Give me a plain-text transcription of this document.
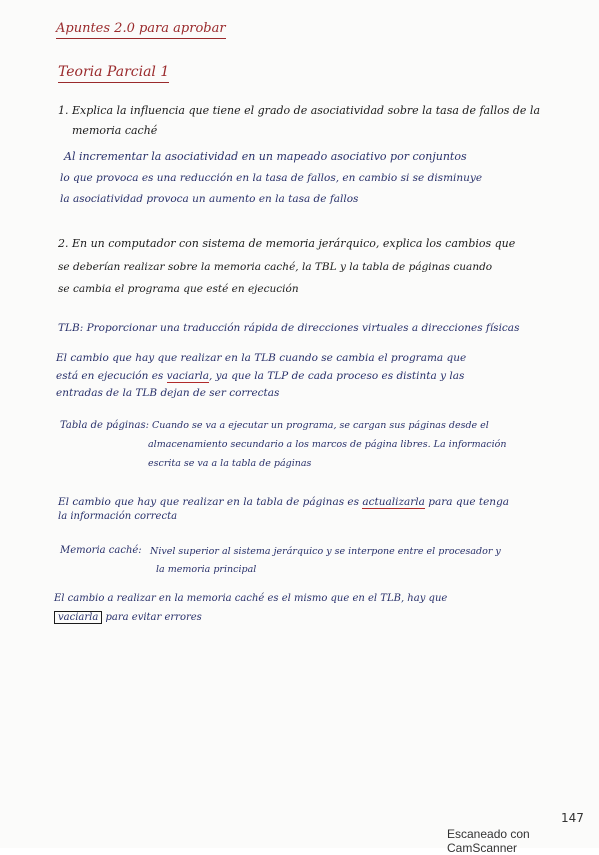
Apuntes 2.0 para aprobar
Teoria Parcial 1
1. Explica la influencia que tiene el grado de asociatividad sobre la tasa de fallos de la
memoria caché
Al incrementar la asociatividad en un mapeado asociativo por conjuntos
lo que provoca es una reducción en la tasa de fallos, en cambio si se disminuye
la asociatividad provoca un aumento en la tasa de fallos
2. En un computador con sistema de memoria jerárquico, explica los cambios que
se deberían realizar sobre la memoria caché, la TBL y la tabla de páginas cuando
se cambia el programa que esté en ejecución
TLB: Proporcionar una traducción rápida de direcciones virtuales a direcciones físicas
El cambio que hay que realizar en la TLB cuando se cambia el programa que
está en ejecución es vaciarla, ya que la TLP de cada proceso es distinta y las
entradas de la TLB dejan de ser correctas
Tabla de páginas: Cuando se va a ejecutar un programa, se cargan sus páginas desde el
almacenamiento secundario a los marcos de página libres. La información
escrita se va a la tabla de páginas
El cambio que hay que realizar en la tabla de páginas es actualizarla para que tenga
la información correcta
Memoria caché: Nivel superior al sistema jerárquico y se interpone entre el procesador y
la memoria principal
El cambio a realizar en la memoria caché es el mismo que en el TLB, hay que
vaciarla para evitar errores
147
Escaneado con CamScanner
